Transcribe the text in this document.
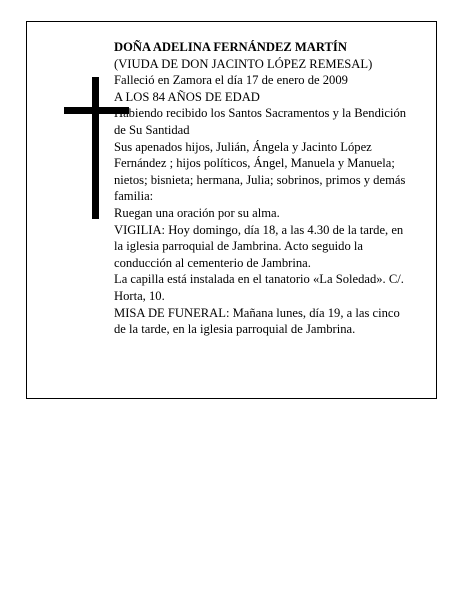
DOÑA ADELINA FERNÁNDEZ MARTÍN

(VIUDA DE DON JACINTO LÓPEZ REMESAL)

Falleció en Zamora el día 17 de enero de 2009

A LOS 84 AÑOS DE EDAD

Habiendo recibido los Santos Sacramentos y la Bendición de Su Santidad

Sus apenados hijos, Julián, Ángela y Jacinto López Fernández ; hijos políticos, Ángel, Manuela y Manuela; nietos; bisnieta; hermana, Julia; sobrinos, primos y demás familia:

Ruegan una oración por su alma.

VIGILIA: Hoy domingo, día 18, a las 4.30 de la tarde, en la iglesia parroquial de Jambrina. Acto seguido la conducción al cementerio de Jambrina.

La capilla está instalada en el tanatorio «La Soledad». C/. Horta, 10.

MISA DE FUNERAL: Mañana lunes, día 19, a las cinco de la tarde, en la iglesia parroquial de Jambrina.
